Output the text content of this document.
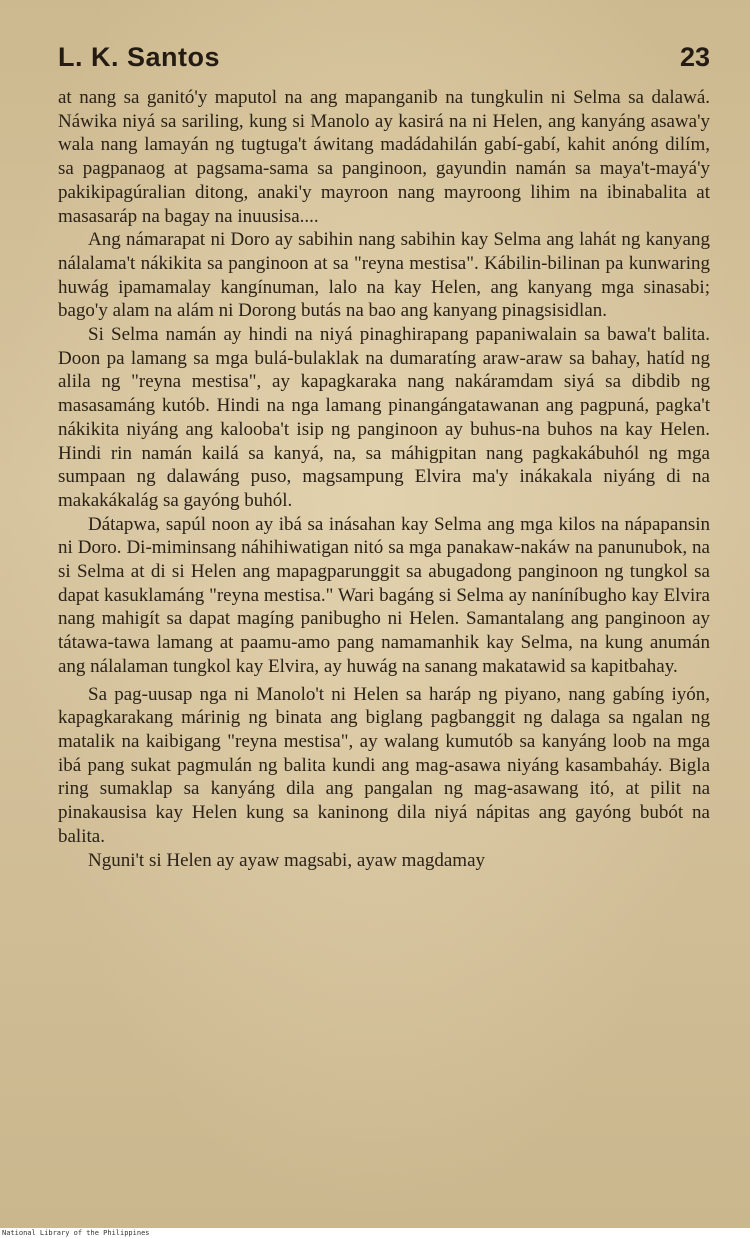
L. K. Santos	23

at nang sa ganitó'y maputol na ang mapanganib na tungkulin ni Selma sa dalawá. Náwika niyá sa sariling, kung si Manolo ay kasirá na ni Helen, ang kanyáng asawa'y wala nang lamayán ng tugtuga't áwitang madádahilán gabí-gabí, kahit anóng dilím, sa pagpanaog at pagsama-sama sa panginoon, gayundin namán sa maya't-mayá'y pakikipagúralian ditong, anaki'y mayroon nang mayroong lihim na ibinabalita at masasaráp na bagay na inuusisa....

Ang námarapat ni Doro ay sabihin nang sabihin kay Selma ang lahát ng kanyang nálalama't nákikita sa panginoon at sa "reyna mestisa". Kábilin-bilinan pa kunwaring huwág ipamamalay kangínuman, lalo na kay Helen, ang kanyang mga sinasabi; bago'y alam na alám ni Dorong butás na bao ang kanyang pinagsisidlan.

Si Selma namán ay hindi na niyá pinaghirapang papaniwalain sa bawa't balita. Doon pa lamang sa mga bulá-bulaklak na dumaratíng araw-araw sa bahay, hatíd ng alila ng "reyna mestisa", ay kapagkaraka nang nakáramdam siyá sa dibdib ng masasamáng kutób. Hindi na nga lamang pinangángatawanan ang pagpuná, pagka't nákikita niyáng ang kalooba't isip ng panginoon ay buhus-na buhos na kay Helen. Hindi rin namán kailá sa kanyá, na, sa máhigpitan nang pagkakábuhól ng mga sumpaan ng dalawáng puso, magsampung Elvira ma'y inákakala niyáng di na makakákalág sa gayóng buhól.

Dátapwa, sapúl noon ay ibá sa inásahan kay Selma ang mga kilos na nápapansin ni Doro. Di-miminsang náhihiwatigan nitó sa mga panakaw-nakáw na panunubok, na si Selma at di si Helen ang mapagparunggit sa abugadong panginoon ng tungkol sa dapat kasuklamáng "reyna mestisa." Wari bagáng si Selma ay naníníbugho kay Elvira nang mahigít sa dapat magíng panibugho ni Helen. Samantalang ang panginoon ay tátawa-tawa lamang at paamu-amo pang namamanhik kay Selma, na kung anumán ang nálalaman tungkol kay Elvira, ay huwág na sanang makatawid sa kapitbahay.

Sa pag-uusap nga ni Manolo't ni Helen sa haráp ng piyano, nang gabíng iyón, kapagkarakang márinig ng binata ang biglang pagbanggit ng dalaga sa ngalan ng matalik na kaibigang "reyna mestisa", ay walang kumutób sa kanyáng loob na mga ibá pang sukat pagmulán ng balita kundi ang mag-asawa niyáng kasambaháy. Bigla ring sumaklap sa kanyáng dila ang pangalan ng mag-asawang itó, at pilit na pinakausisa kay Helen kung sa kaninong dila niyá nápitas ang gayóng bubót na balita.

Nguni't si Helen ay ayaw magsabi, ayaw magdamay

National Library of the Philippines
